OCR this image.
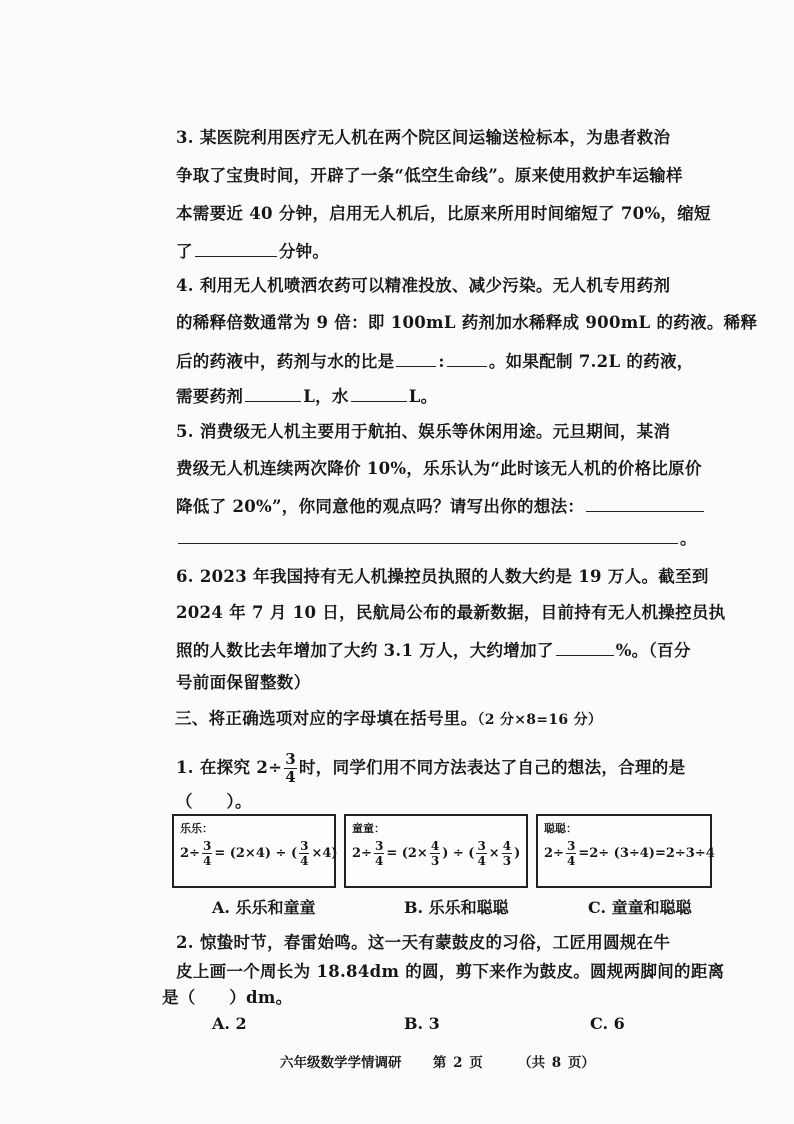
3. 某医院利用医疗无人机在两个院区间运输送检标本，为患者救治
争取了宝贵时间，开辟了一条“低空生命线”。原来使用救护车运输样
本需要近 40 分钟，启用无人机后，比原来所用时间缩短了 70%，缩短
了	分钟。
4. 利用无人机喷洒农药可以精准投放、减少污染。无人机专用药剂
的稀释倍数通常为 9 倍：即 100mL 药剂加水稀释成 900mL 的药液。稀释
后的药液中，药剂与水的比是	:	。如果配制 7.2L 的药液，
需要药剂	L，水	L。
5. 消费级无人机主要用于航拍、娱乐等休闲用途。元旦期间，某消
费级无人机连续两次降价 10%，乐乐认为“此时该无人机的价格比原价
降低了 20%”，你同意他的观点吗？请写出你的想法：
。
6. 2023 年我国持有无人机操控员执照的人数大约是 19 万人。截至到
2024 年 7 月 10 日，民航局公布的最新数据，目前持有无人机操控员执
照的人数比去年增加了大约 3.1 万人，大约增加了	%。（百分
号前面保留整数）
三、将正确选项对应的字母填在括号里。（2 分×8=16 分）
1. 在探究 $2\div \frac{3}{4}$ 时，同学们用不同方法表达了自己的想法，合理的是
（　　）。
乐乐：
$2\div \frac{3}{4} = (2\times 4)$ ÷ ( $\frac{3}{4} \times 4$)
童童：
$2\div \frac{3}{4} = (2\times \frac{4}{3}$ ) ÷ ( $\frac{3}{4} \times \frac{4}{3}$ )
聪聪：
$2\div \frac{3}{4} =2\div (3\div 4)=2\div 3\div 4$
A. 乐乐和童童	B. 乐乐和聪聪	C. 童童和聪聪
2. 惊蛰时节，春雷始鸣。这一天有蒙鼓皮的习俗，工匠用圆规在牛
皮上画一个周长为 18.84dm 的圆，剪下来作为鼓皮。圆规两脚间的距离
是（　　）dm。
A. 2	B. 3	C. 6
六年级数学学情调研 第 2 页	（共 8 页）
